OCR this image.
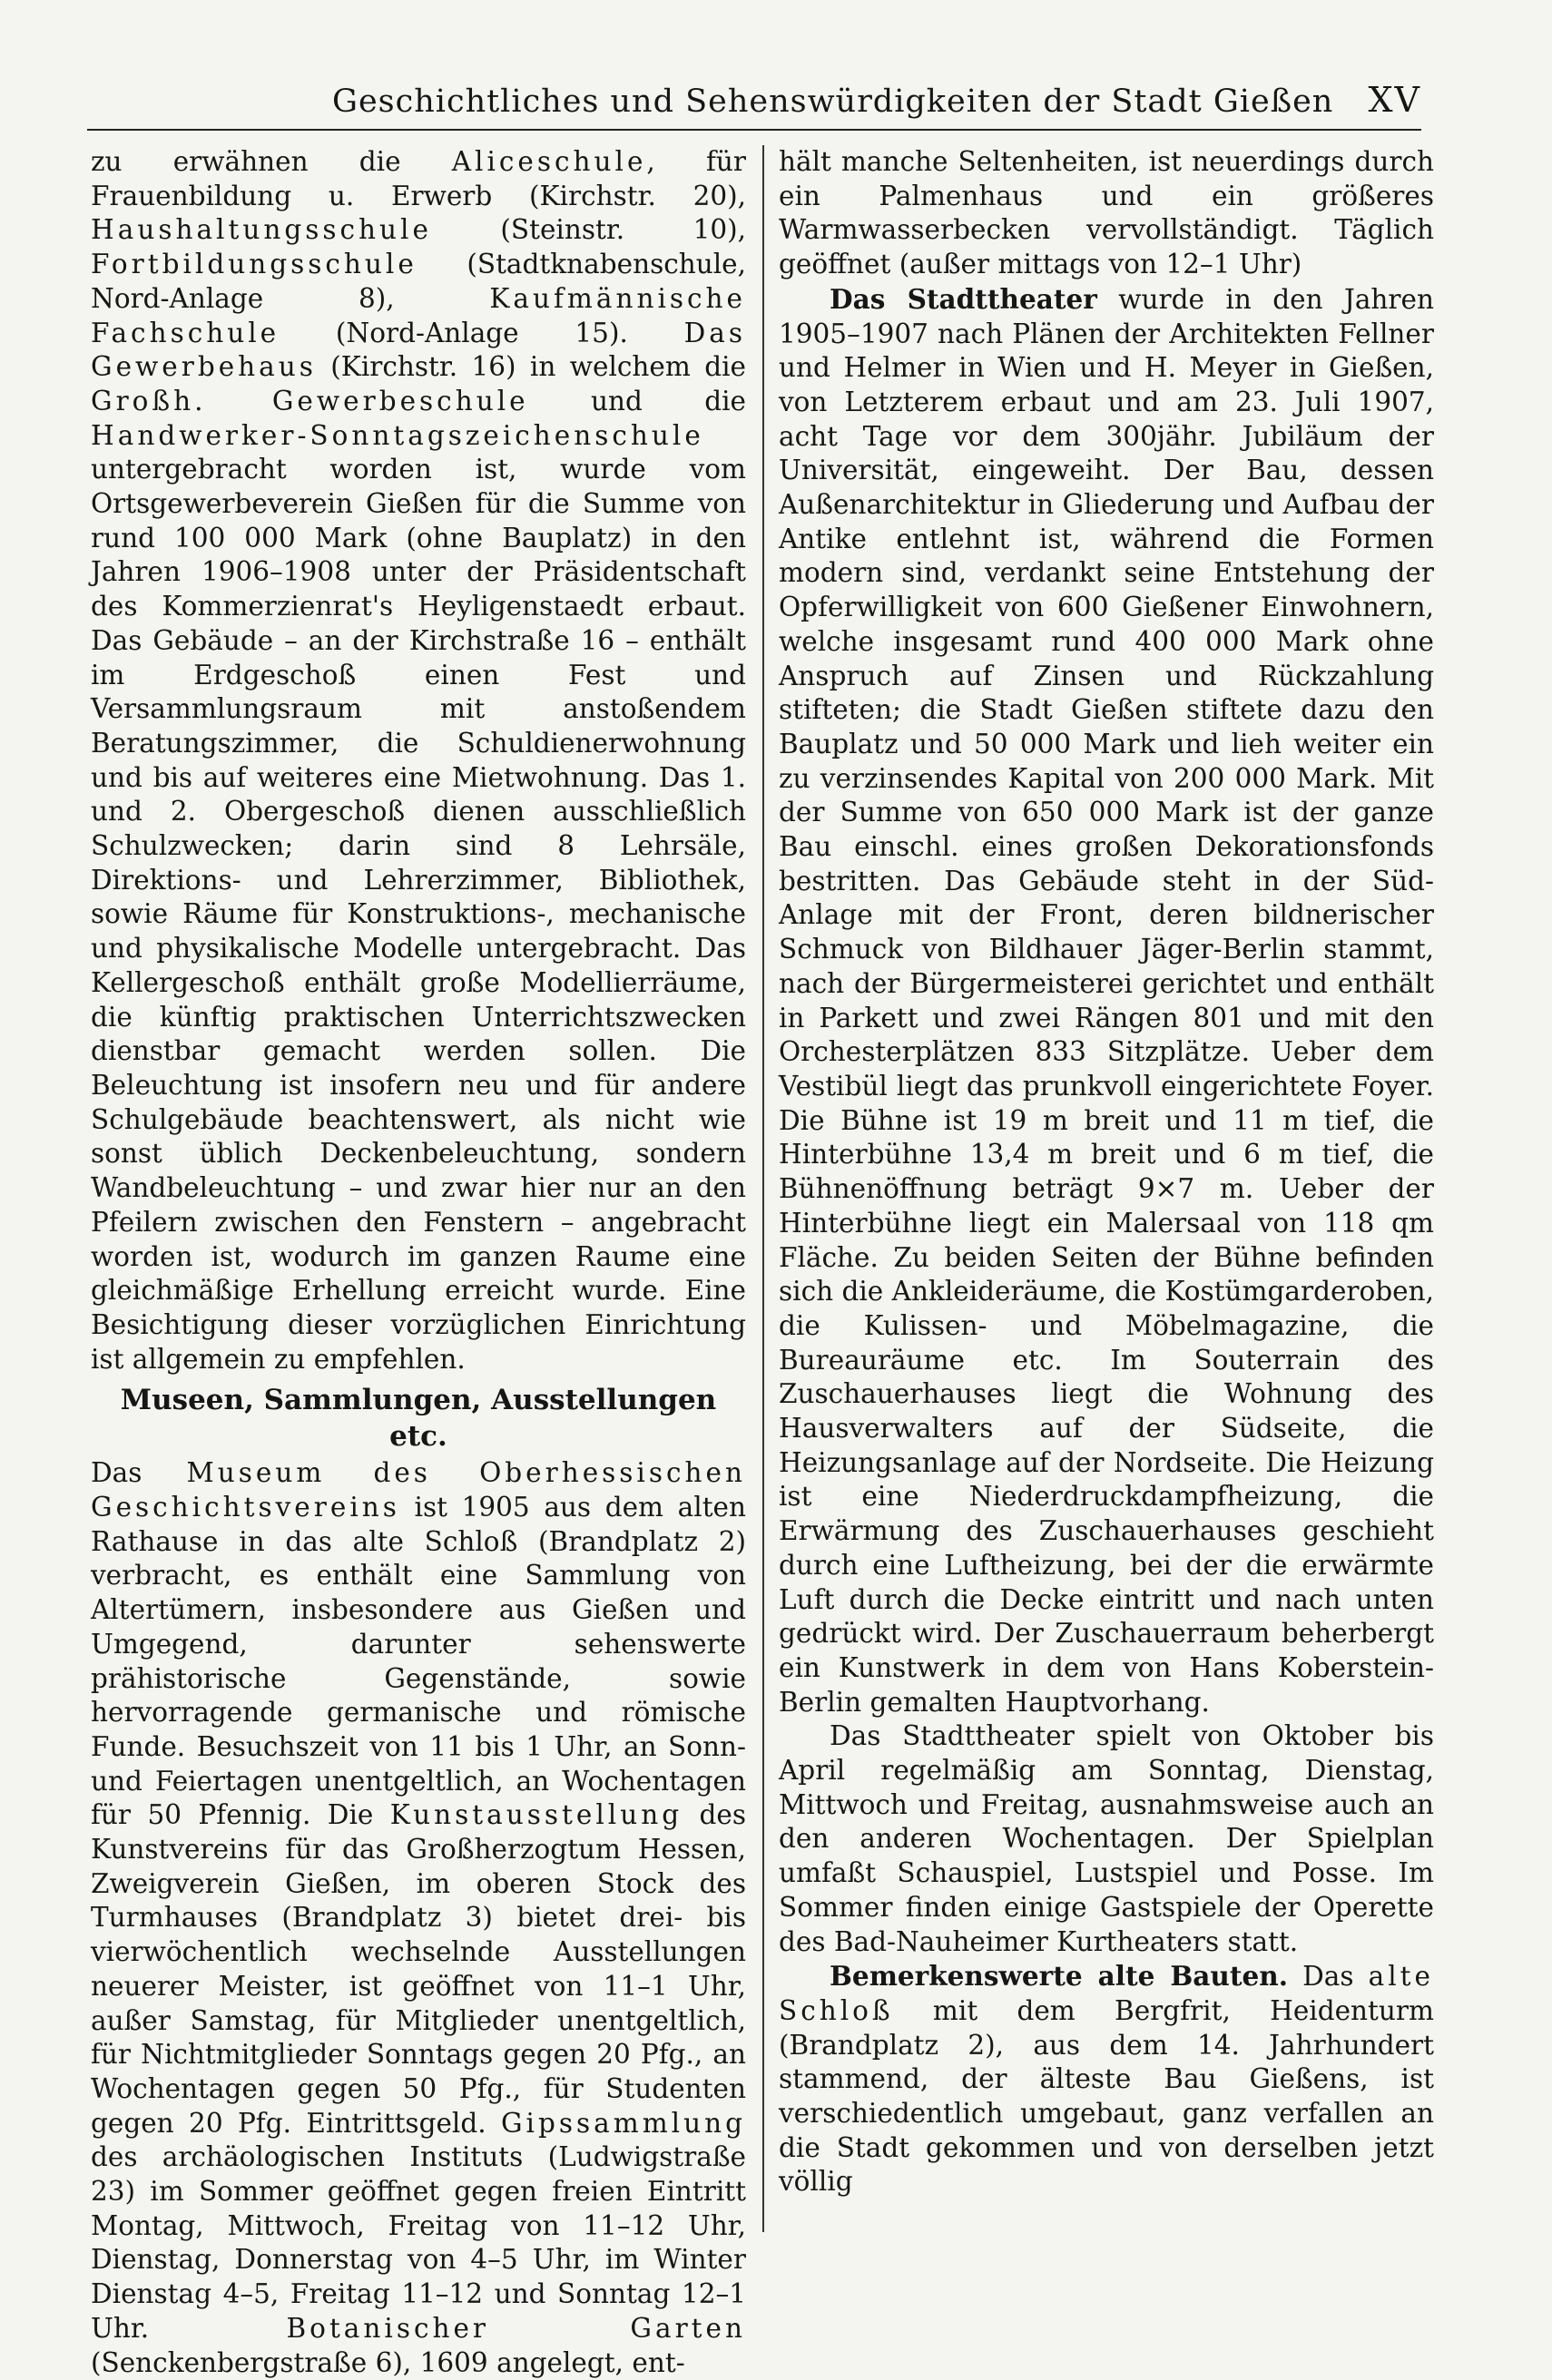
Geschichtliches und Sehenswürdigkeiten der Stadt Gießen XV

zu erwähnen die Aliceschule, für Frauenbildung u. Erwerb (Kirchstr. 20), Haushaltungsschule (Steinstr. 10), Fortbildungsschule (Stadtknabenschule, Nord-Anlage 8), Kaufmännische Fachschule (Nord-Anlage 15). Das Gewerbehaus (Kirchstr. 16) in welchem die Großh. Gewerbeschule und die Handwerker-Sonntagszeichenschule untergebracht worden ist, wurde vom Ortsgewerbeverein Gießen für die Summe von rund 100 000 Mark (ohne Bauplatz) in den Jahren 1906–1908 unter der Präsidentschaft des Kommerzienrat's Heyligenstaedt erbaut. Das Gebäude – an der Kirchstraße 16 – enthält im Erdgeschoß einen Fest und Versammlungsraum mit anstoßendem Beratungszimmer, die Schuldienerwohnung und bis auf weiteres eine Mietwohnung. Das 1. und 2. Obergeschoß dienen ausschließlich Schulzwecken; darin sind 8 Lehrsäle, Direktions- und Lehrerzimmer, Bibliothek, sowie Räume für Konstruktions-, mechanische und physikalische Modelle untergebracht. Das Kellergeschoß enthält große Modellierräume, die künftig praktischen Unterrichtszwecken dienstbar gemacht werden sollen. Die Beleuchtung ist insofern neu und für andere Schulgebäude beachtenswert, als nicht wie sonst üblich Deckenbeleuchtung, sondern Wandbeleuchtung – und zwar hier nur an den Pfeilern zwischen den Fenstern – angebracht worden ist, wodurch im ganzen Raume eine gleichmäßige Erhellung erreicht wurde. Eine Besichtigung dieser vorzüglichen Einrichtung ist allgemein zu empfehlen.

Museen, Sammlungen, Ausstellungen etc.

Das Museum des Oberhessischen Geschichtsvereins ist 1905 aus dem alten Rathause in das alte Schloß (Brandplatz 2) verbracht, es enthält eine Sammlung von Altertümern, insbesondere aus Gießen und Umgegend, darunter sehenswerte prähistorische Gegenstände, sowie hervorragende germanische und römische Funde. Besuchszeit von 11 bis 1 Uhr, an Sonn- und Feiertagen unentgeltlich, an Wochentagen für 50 Pfennig. Die Kunstausstellung des Kunstvereins für das Großherzogtum Hessen, Zweigverein Gießen, im oberen Stock des Turmhauses (Brandplatz 3) bietet drei- bis vierwöchentlich wechselnde Ausstellungen neuerer Meister, ist geöffnet von 11–1 Uhr, außer Samstag, für Mitglieder unentgeltlich, für Nichtmitglieder Sonntags gegen 20 Pfg., an Wochentagen gegen 50 Pfg., für Studenten gegen 20 Pfg. Eintrittsgeld. Gipssammlung des archäologischen Instituts (Ludwigstraße 23) im Sommer geöffnet gegen freien Eintritt Montag, Mittwoch, Freitag von 11–12 Uhr, Dienstag, Donnerstag von 4–5 Uhr, im Winter Dienstag 4–5, Freitag 11–12 und Sonntag 12–1 Uhr. Botanischer Garten (Senckenbergstraße 6), 1609 angelegt, ent-

hält manche Seltenheiten, ist neuerdings durch ein Palmenhaus und ein größeres Warmwasserbecken vervollständigt. Täglich geöffnet (außer mittags von 12–1 Uhr)

Das Stadttheater wurde in den Jahren 1905–1907 nach Plänen der Architekten Fellner und Helmer in Wien und H. Meyer in Gießen, von Letzterem erbaut und am 23. Juli 1907, acht Tage vor dem 300jähr. Jubiläum der Universität, eingeweiht. Der Bau, dessen Außenarchitektur in Gliederung und Aufbau der Antike entlehnt ist, während die Formen modern sind, verdankt seine Entstehung der Opferwilligkeit von 600 Gießener Einwohnern, welche insgesamt rund 400 000 Mark ohne Anspruch auf Zinsen und Rückzahlung stifteten; die Stadt Gießen stiftete dazu den Bauplatz und 50 000 Mark und lieh weiter ein zu verzinsendes Kapital von 200 000 Mark. Mit der Summe von 650 000 Mark ist der ganze Bau einschl. eines großen Dekorationsfonds bestritten. Das Gebäude steht in der Süd-Anlage mit der Front, deren bildnerischer Schmuck von Bildhauer Jäger-Berlin stammt, nach der Bürgermeisterei gerichtet und enthält in Parkett und zwei Rängen 801 und mit den Orchesterplätzen 833 Sitzplätze. Ueber dem Vestibül liegt das prunkvoll eingerichtete Foyer. Die Bühne ist 19 m breit und 11 m tief, die Hinterbühne 13,4 m breit und 6 m tief, die Bühnenöffnung beträgt 9×7 m. Ueber der Hinterbühne liegt ein Malersaal von 118 qm Fläche. Zu beiden Seiten der Bühne befinden sich die Ankleideräume, die Kostümgarderoben, die Kulissen- und Möbelmagazine, die Bureauräume etc. Im Souterrain des Zuschauerhauses liegt die Wohnung des Hausverwalters auf der Südseite, die Heizungsanlage auf der Nordseite. Die Heizung ist eine Niederdruckdampfheizung, die Erwärmung des Zuschauerhauses geschieht durch eine Luftheizung, bei der die erwärmte Luft durch die Decke eintritt und nach unten gedrückt wird. Der Zuschauerraum beherbergt ein Kunstwerk in dem von Hans Koberstein-Berlin gemalten Hauptvorhang.

Das Stadttheater spielt von Oktober bis April regelmäßig am Sonntag, Dienstag, Mittwoch und Freitag, ausnahmsweise auch an den anderen Wochentagen. Der Spielplan umfaßt Schauspiel, Lustspiel und Posse. Im Sommer finden einige Gastspiele der Operette des Bad-Nauheimer Kurtheaters statt.

Bemerkenswerte alte Bauten. Das alte Schloß mit dem Bergfrit, Heidenturm (Brandplatz 2), aus dem 14. Jahrhundert stammend, der älteste Bau Gießens, ist verschiedentlich umgebaut, ganz verfallen an die Stadt gekommen und von derselben jetzt völlig
